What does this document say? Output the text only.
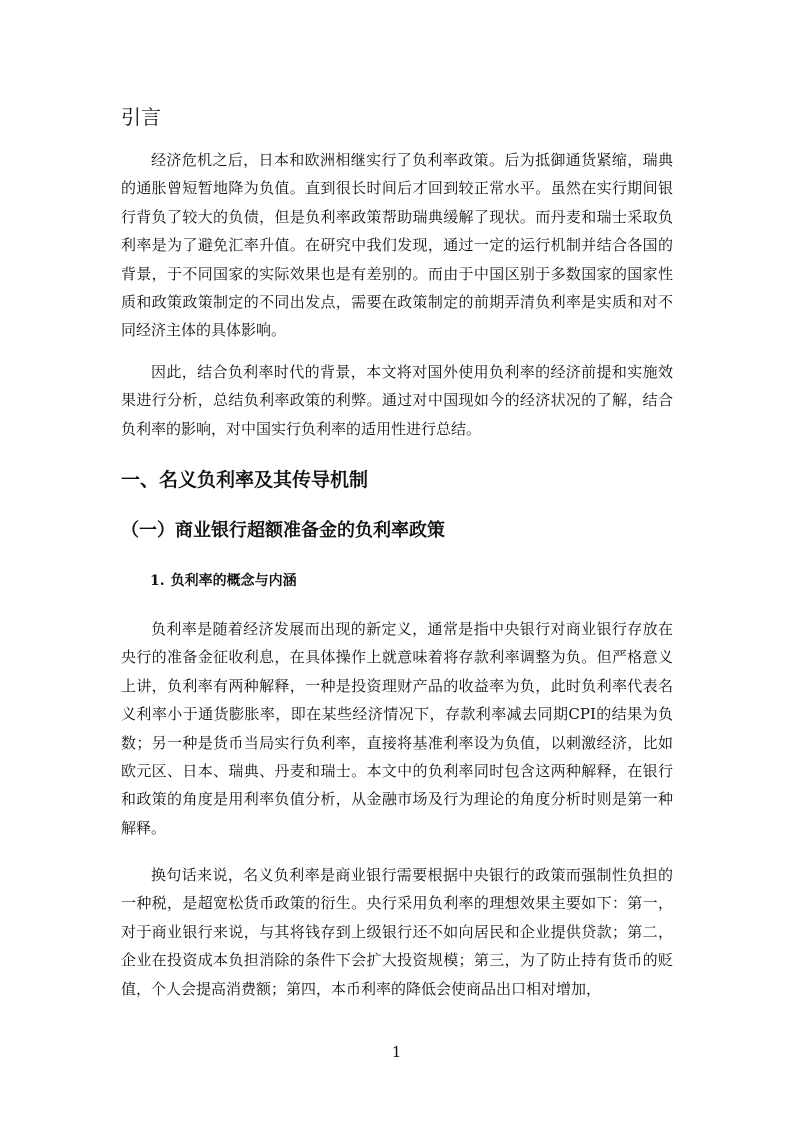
引言

经济危机之后，日本和欧洲相继实行了负利率政策。后为抵御通货紧缩，瑞典的通胀曾短暂地降为负值。直到很长时间后才回到较正常水平。虽然在实行期间银行背负了较大的负债，但是负利率政策帮助瑞典缓解了现状。而丹麦和瑞士采取负利率是为了避免汇率升值。在研究中我们发现，通过一定的运行机制并结合各国的背景，于不同国家的实际效果也是有差别的。而由于中国区别于多数国家的国家性质和政策政策制定的不同出发点，需要在政策制定的前期弄清负利率是实质和对不同经济主体的具体影响。

因此，结合负利率时代的背景，本文将对国外使用负利率的经济前提和实施效果进行分析，总结负利率政策的利弊。通过对中国现如今的经济状况的了解，结合负利率的影响，对中国实行负利率的适用性进行总结。

一、名义负利率及其传导机制
（一）商业银行超额准备金的负利率政策
1. 负利率的概念与内涵

负利率是随着经济发展而出现的新定义，通常是指中央银行对商业银行存放在央行的准备金征收利息，在具体操作上就意味着将存款利率调整为负。但严格意义上讲，负利率有两种解释，一种是投资理财产品的收益率为负，此时负利率代表名义利率小于通货膨胀率，即在某些经济情况下，存款利率减去同期CPI的结果为负数；另一种是货币当局实行负利率，直接将基准利率设为负值，以刺激经济，比如欧元区、日本、瑞典、丹麦和瑞士。本文中的负利率同时包含这两种解释，在银行和政策的角度是用利率负值分析，从金融市场及行为理论的角度分析时则是第一种解释。

换句话来说，名义负利率是商业银行需要根据中央银行的政策而强制性负担的一种税，是超宽松货币政策的衍生。央行采用负利率的理想效果主要如下：第一，对于商业银行来说，与其将钱存到上级银行还不如向居民和企业提供贷款；第二，企业在投资成本负担消除的条件下会扩大投资规模；第三，为了防止持有货币的贬值，个人会提高消费额；第四，本币利率的降低会使商品出口相对增加，

1
